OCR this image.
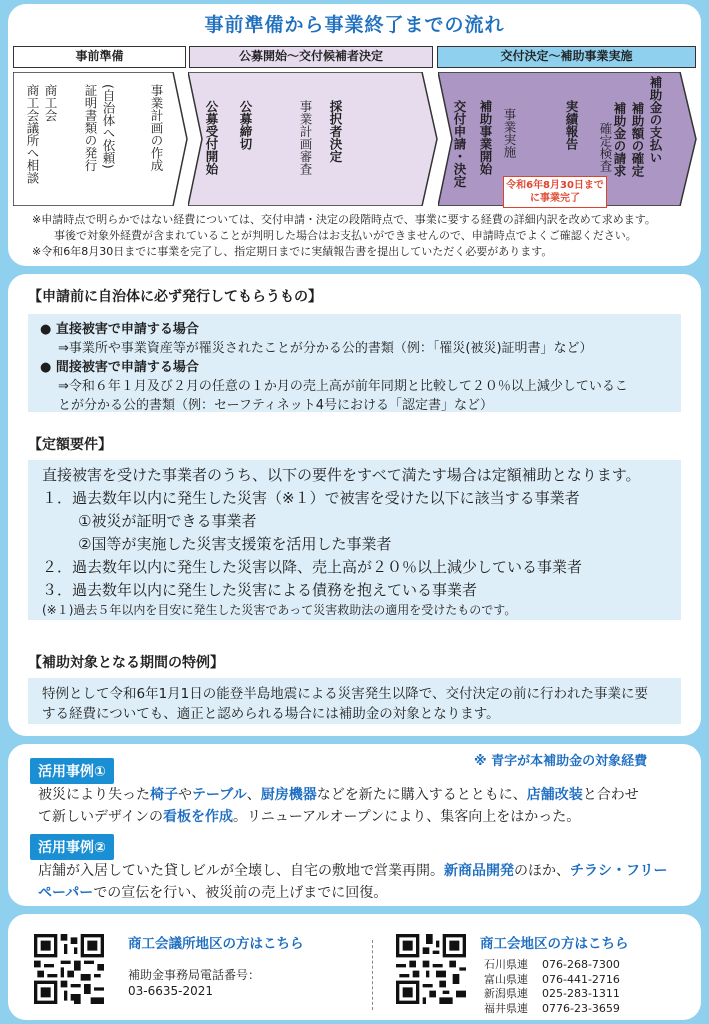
事前準備から事業終了までの流れ
事前準備	公募開始～交付候補者決定	交付決定～補助事業実施
事業計画の作成
(自治体へ依頼)
証明書類の発行
商工会
商工会議所へ相談	採択者決定
事業計画審査
公募締切
公募受付開始	補助金の支払い
補助額の確定
補助金の請求
確定検査
実績報告
事業実施
補助事業開始
交付申請・決定	令和6年8月30日までに事業完了
※申請時点で明らかではない経費については、交付申請・決定の段階時点で、事業に要する経費の詳細内訳を改めて求めます。
事後で対象外経費が含まれていることが判明した場合はお支払いができませんので、申請時点でよくご確認ください。
※令和6年8月30日までに事業を完了し、指定期日までに実績報告書を提出していただく必要があります。
【申請前に自治体に必ず発行してもらうもの】
● 直接被害で申請する場合
⇒事業所や事業資産等が罹災されたことが分かる公的書類（例：「罹災(被災)証明書」など）
● 間接被害で申請する場合
⇒令和６年１月及び２月の任意の１か月の売上高が前年同期と比較して２０％以上減少しているこ
とが分かる公的書類（例：セーフティネット4号における「認定書」など）
【定額要件】
直接被害を受けた事業者のうち、以下の要件をすべて満たす場合は定額補助となります。
１．過去数年以内に発生した災害（※１）で被害を受けた以下に該当する事業者
①被災が証明できる事業者
②国等が実施した災害支援策を活用した事業者
２．過去数年以内に発生した災害以降、売上高が２０％以上減少している事業者
３．過去数年以内に発生した災害による債務を抱えている事業者
(※１)過去５年以内を目安に発生した災害であって災害救助法の適用を受けたものです。
【補助対象となる期間の特例】
特例として令和6年1月1日の能登半島地震による災害発生以降で、交付決定の前に行われた事業に要
する経費についても、適正と認められる場合には補助金の対象となります。
※ 青字が本補助金の対象経費
活用事例①
被災により失った椅子やテーブル、厨房機器などを新たに購入するとともに、店舗改装と合わせ
て新しいデザインの看板を作成。リニューアルオープンにより、集客向上をはかった。
活用事例②
店舗が入居していた貸しビルが全壊し、自宅の敷地で営業再開。新商品開発のほか、チラシ・フリー
ペーパーでの宣伝を行い、被災前の売上げまでに回復。
商工会議所地区の方はこちら
補助金事務局電話番号：
03-6635-2021
商工会地区の方はこちら
石川県連 076-268-7300
富山県連 076-441-2716
新潟県連 025-283-1311
福井県連 0776-23-3659
